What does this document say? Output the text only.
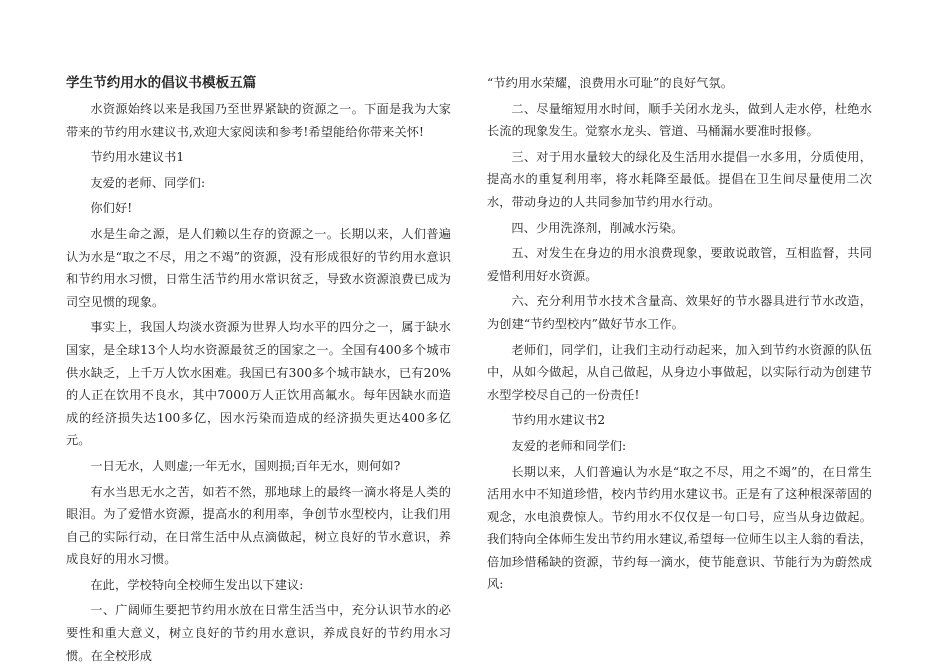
学生节约用水的倡议书模板五篇

水资源始终以来是我国乃至世界紧缺的资源之一。下面是我为大家带来的节约用水建议书,欢迎大家阅读和参考!希望能给你带来关怀!

节约用水建议书1

友爱的老师、同学们:

你们好!

水是生命之源，是人们赖以生存的资源之一。长期以来，人们普遍认为水是“取之不尽，用之不竭”的资源，没有形成很好的节约用水意识和节约用水习惯，日常生活节约用水常识贫乏，导致水资源浪费已成为司空见惯的现象。

事实上，我国人均淡水资源为世界人均水平的四分之一，属于缺水国家，是全球13个人均水资源最贫乏的国家之一。全国有400多个城市供水缺乏，上千万人饮水困难。我国已有300多个城市缺水，已有20%的人正在饮用不良水，其中7000万人正饮用高氟水。每年因缺水而造成的经济损失达100多亿，因水污染而造成的经济损失更达400多亿元。

一日无水，人则虚;一年无水，国则损;百年无水，则何如?

有水当思无水之苦，如若不然，那地球上的最终一滴水将是人类的眼泪。为了爱惜水资源，提高水的利用率，争创节水型校内，让我们用自己的实际行动，在日常生活中从点滴做起，树立良好的节水意识，养成良好的用水习惯。

在此，学校特向全校师生发出以下建议:

一、广阔师生要把节约用水放在日常生活当中，充分认识节水的必要性和重大意义，树立良好的节约用水意识，养成良好的节约用水习惯。在全校形成

“节约用水荣耀，浪费用水可耻”的良好气氛。

二、尽量缩短用水时间，顺手关闭水龙头，做到人走水停，杜绝水长流的现象发生。觉察水龙头、管道、马桶漏水要准时报修。

三、对于用水量较大的绿化及生活用水提倡一水多用，分质使用，提高水的重复利用率，将水耗降至最低。提倡在卫生间尽量使用二次水，带动身边的人共同参加节约用水行动。

四、少用洗涤剂，削减水污染。

五、对发生在身边的用水浪费现象，要敢说敢管，互相监督，共同爱惜利用好水资源。

六、充分利用节水技术含量高、效果好的节水器具进行节水改造，为创建“节约型校内”做好节水工作。

老师们，同学们，让我们主动行动起来，加入到节约水资源的队伍中，从如今做起，从自己做起，从身边小事做起，以实际行动为创建节水型学校尽自己的一份责任!

节约用水建议书2

友爱的老师和同学们:

长期以来，人们普遍认为水是“取之不尽，用之不竭”的，在日常生活用水中不知道珍惜，校内节约用水建议书。正是有了这种根深蒂固的观念，水电浪费惊人。节约用水不仅仅是一句口号，应当从身边做起。我们特向全体师生发出节约用水建议,希望每一位师生以主人翁的看法，倍加珍惜稀缺的资源，节约每一滴水，使节能意识、节能行为为蔚然成风:
